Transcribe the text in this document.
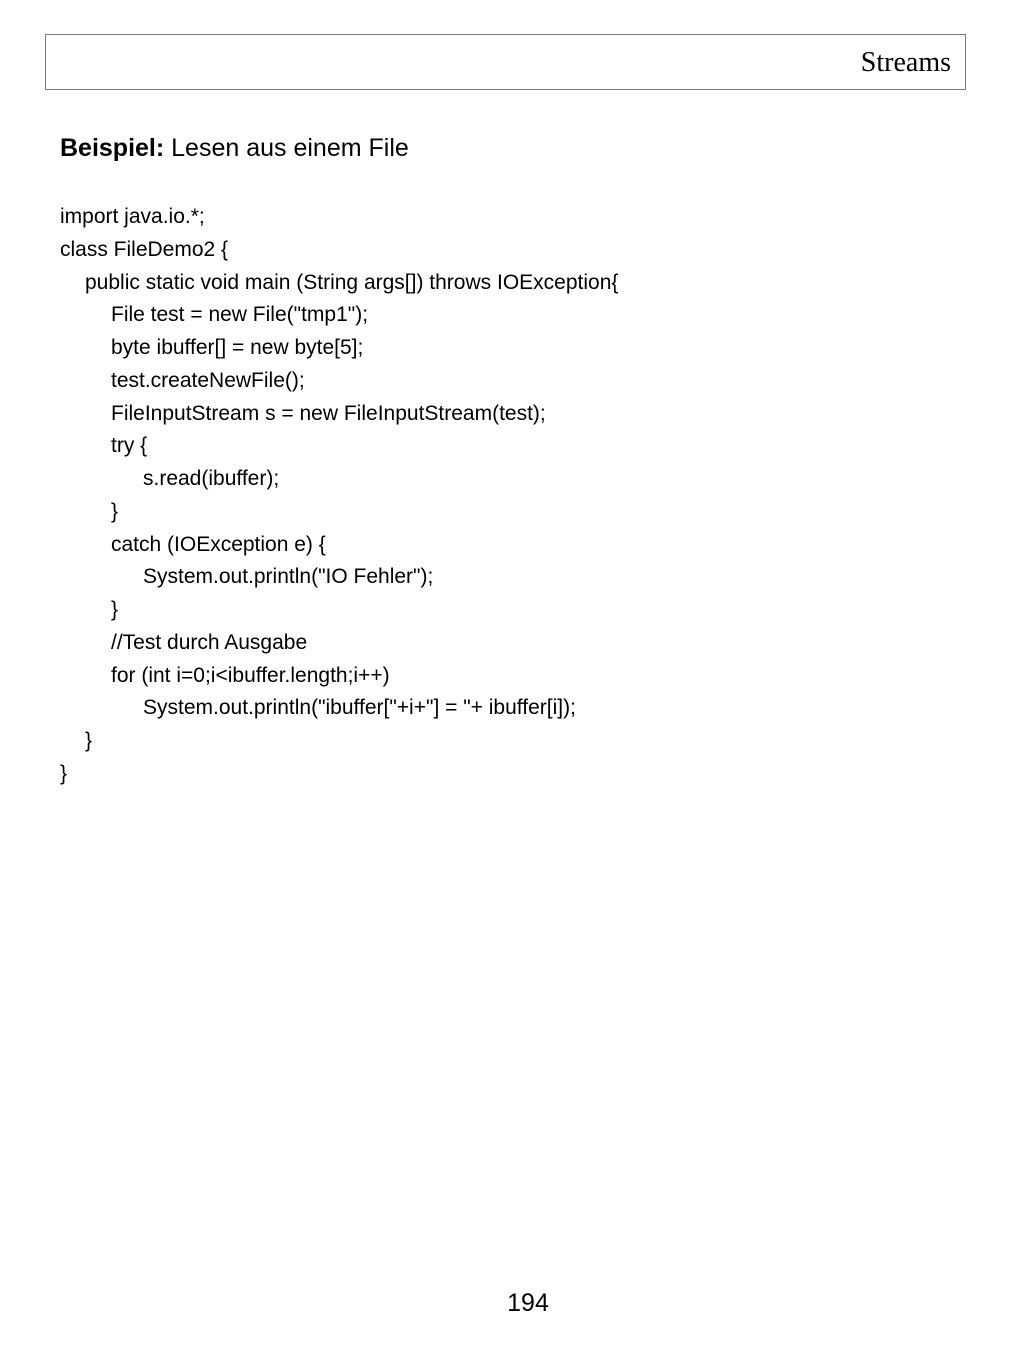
Streams
Beispiel: Lesen aus einem File
import java.io.*;
class FileDemo2 {
public static void main (String args[]) throws IOException{
File test = new File("tmp1");
byte ibuffer[] = new byte[5];
test.createNewFile();
FileInputStream s = new FileInputStream(test);
try {
s.read(ibuffer);
}
catch (IOException e) {
System.out.println("IO Fehler");
}
//Test durch Ausgabe
for (int i=0;i<ibuffer.length;i++)
System.out.println("ibuffer["+i+"] = "+ ibuffer[i]);
}
}
194
